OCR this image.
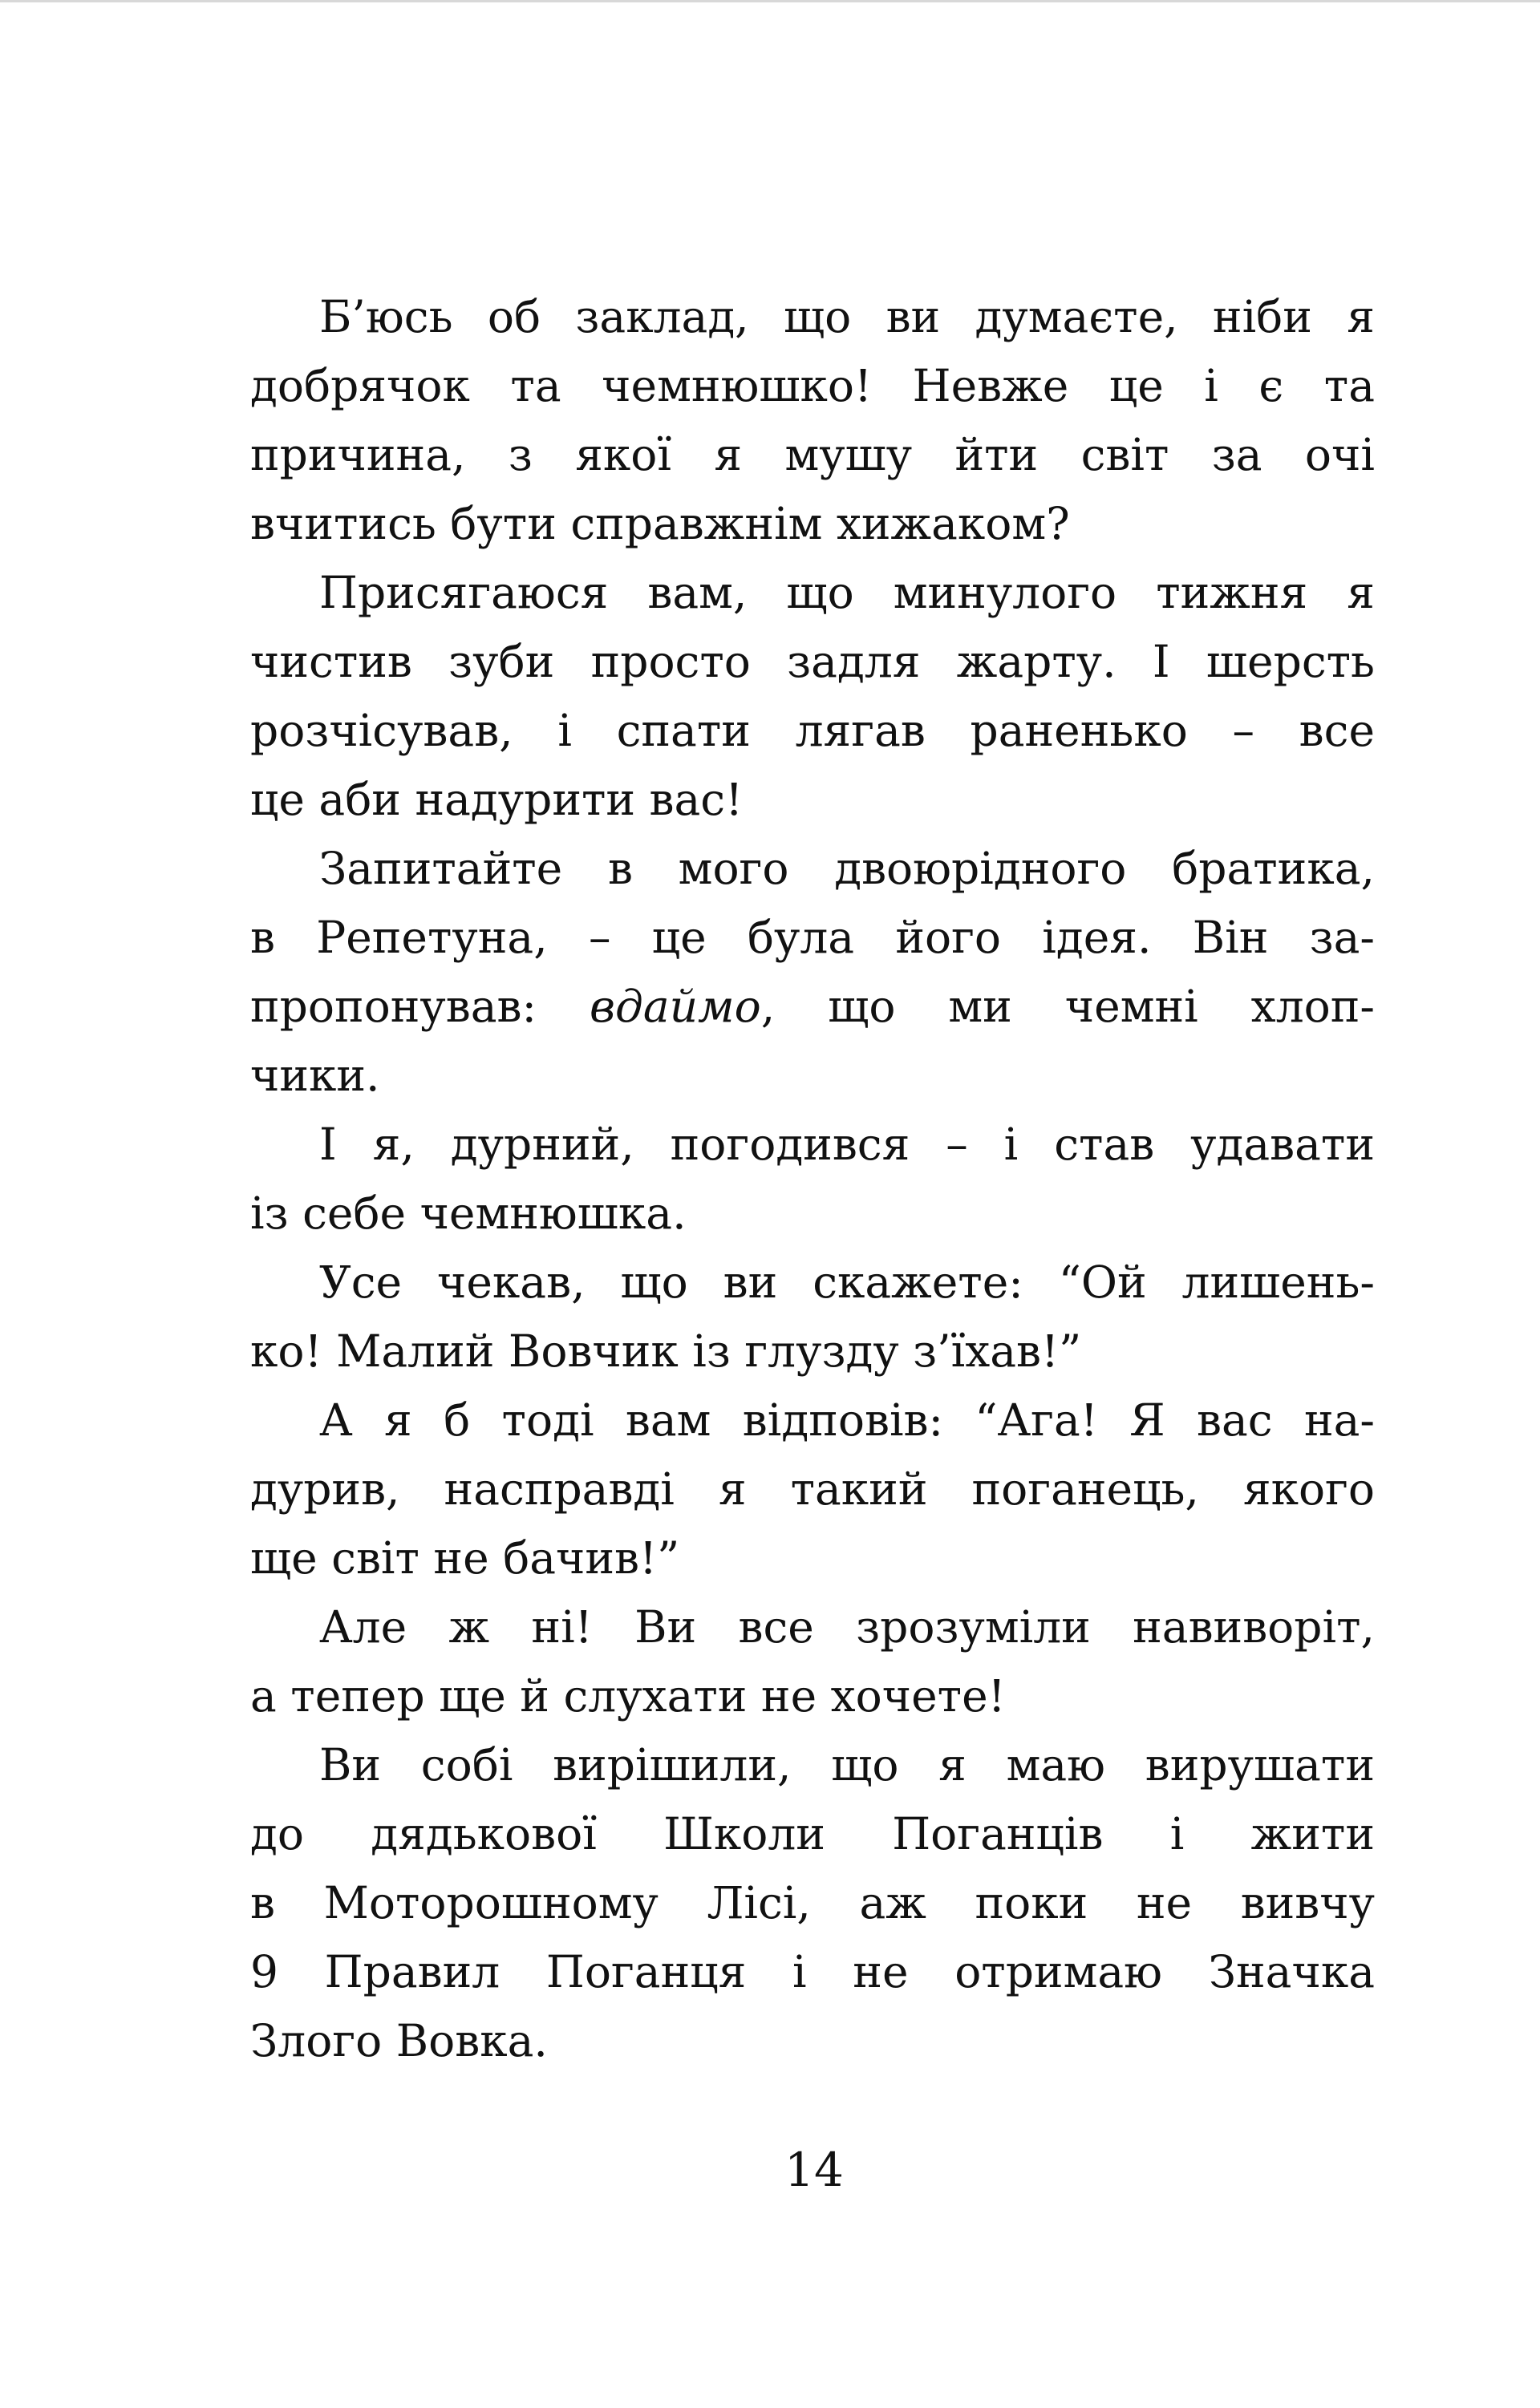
Б’юсь об заклад, що ви думаєте, ніби я
добрячок та чемнюшко! Невже це і є та
причина, з якої я мушу йти світ за очі
вчитись бути справжнім хижаком?
Присягаюся вам, що минулого тижня я
чистив зуби просто задля жарту. І шерсть
розчісував, і спати лягав раненько – все
це аби надурити вас!
Запитайте в мого двоюрідного братика,
в Репетуна, – це була його ідея. Він за-
пропонував: вдаймо, що ми чемні хлоп-
чики.
І я, дурний, погодився – і став удавати
із себе чемнюшка.
Усе чекав, що ви скажете: “Ой лишень-
ко! Малий Вовчик із глузду з’їхав!”
А я б тоді вам відповів: “Ага! Я вас на-
дурив, насправді я такий поганець, якого
ще світ не бачив!”
Але ж ні! Ви все зрозуміли навиворіт,
а тепер ще й слухати не хочете!
Ви собі вирішили, що я маю вирушати
до дядькової Школи Поганців і жити
в Моторошному Лісі, аж поки не вивчу
9 Правил Поганця і не отримаю Значка
Злого Вовка.
14
